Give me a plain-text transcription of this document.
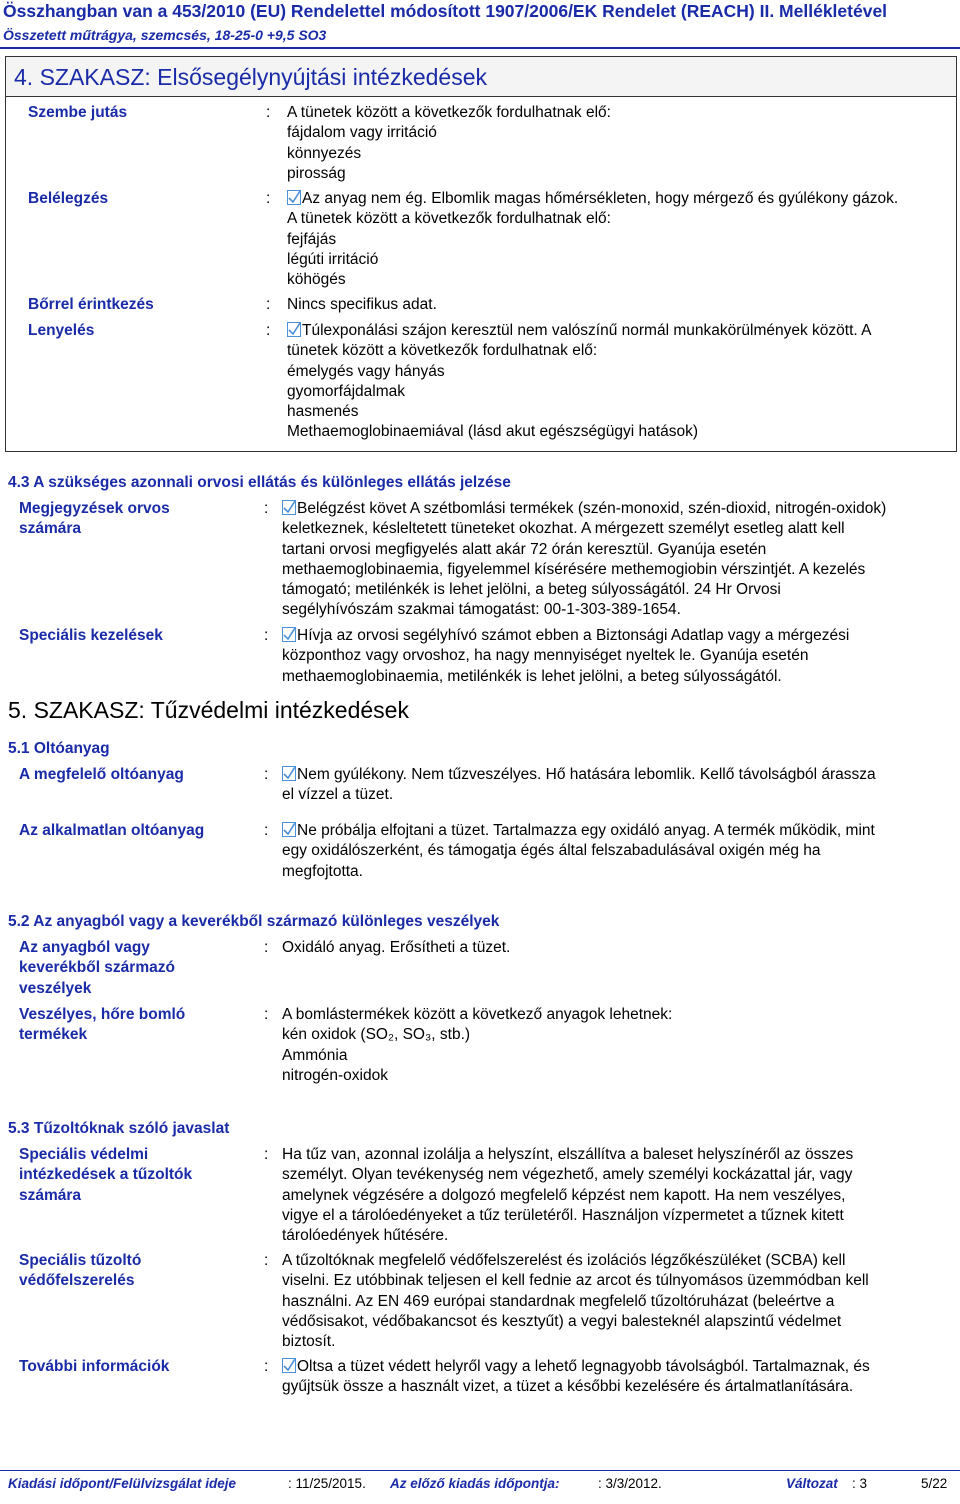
Összhangban van a 453/2010 (EU) Rendelettel módosított 1907/2006/EK Rendelet (REACH) II. Mellékletével
Összetett műtrágya, szemcsés, 18-25-0 +9,5 SO3
4. SZAKASZ: Elsősegélynyújtási intézkedések
Szembe jutás	: A tünetek között a következők fordulhatnak elő:
fájdalom vagy irritáció
könnyezés
pirosság
Belélegzés	:	Az anyag nem ég. Elbomlik magas hőmérsékleten, hogy mérgező és gyúlékony gázok.
A tünetek között a következők fordulhatnak elő:
fejfájás
légúti irritáció
köhögés
Bőrrel érintkezés	: Nincs specifikus adat.
Lenyelés	:	Túlexponálási szájon keresztül nem valószínű normál munkakörülmények között. A
tünetek között a következők fordulhatnak elő:
émelygés vagy hányás
gyomorfájdalmak
hasmenés
Methaemoglobinaemiával (lásd akut egészségügyi hatások)
4.3 A szükséges azonnali orvosi ellátás és különleges ellátás jelzése
Megjegyzések orvos
számára
:	Belégzést követ A szétbomlási termékek (szén-monoxid, szén-dioxid, nitrogén-oxidok)
keletkeznek, késleltetett tüneteket okozhat. A mérgezett személyt esetleg alatt kell
tartani orvosi megfigyelés alatt akár 72 órán keresztül. Gyanúja esetén
methaemoglobinaemia, figyelemmel kísérésére methemogiobin vérszintjét. A kezelés
támogató; metilénkék is lehet jelölni, a beteg súlyosságától. 24 Hr Orvosi
segélyhívószám szakmai támogatást: 00-1-303-389-1654.
Speciális kezelések	:	Hívja az orvosi segélyhívó számot ebben a Biztonsági Adatlap vagy a mérgezési
központhoz vagy orvoshoz, ha nagy mennyiséget nyeltek le. Gyanúja esetén
methaemoglobinaemia, metilénkék is lehet jelölni, a beteg súlyosságától.
5. SZAKASZ: Tűzvédelmi intézkedések
5.1 Oltóanyag
A megfelelő oltóanyag	:	Nem gyúlékony. Nem tűzveszélyes. Hő hatására lebomlik. Kellő távolságból árassza
el vízzel a tüzet.
Az alkalmatlan oltóanyag	:	Ne próbálja elfojtani a tüzet. Tartalmazza egy oxidáló anyag. A termék működik, mint
egy oxidálószerként, és támogatja égés által felszabadulásával oxigén még ha
megfojtotta.
5.2 Az anyagból vagy a keverékből származó különleges veszélyek
Az anyagból vagy
keverékből származó
veszélyek
: Oxidáló anyag. Erősítheti a tüzet.
Veszélyes, hőre bomló
termékek
: A bomlástermékek között a következő anyagok lehetnek:
kén oxidok (SO₂, SO₃, stb.)
Ammónia
nitrogén-oxidok
5.3 Tűzoltóknak szóló javaslat
Speciális védelmi
intézkedések a tűzoltók
számára
: Ha tűz van, azonnal izolálja a helyszínt, elszállítva a baleset helyszínéről az összes
személyt. Olyan tevékenység nem végezhető, amely személyi kockázattal jár, vagy
amelynek végzésére a dolgozó megfelelő képzést nem kapott. Ha nem veszélyes,
vigye el a tárolóedényeket a tűz területéről. Használjon vízpermetet a tűznek kitett
tárolóedények hűtésére.
Speciális tűzoltó
védőfelszerelés
: A tűzoltóknak megfelelő védőfelszerelést és izolációs légzőkészüléket (SCBA) kell
viselni. Ez utóbbinak teljesen el kell fednie az arcot és túlnyomásos üzemmódban kell
használni. Az EN 469 európai standardnak megfelelő tűzoltóruházat (beleértve a
védősisakot, védőbakancsot és kesztyűt) a vegyi balesteknél alapszintű védelmet
biztosít.
További információk	:	Oltsa a tüzet védett helyről vagy a lehető legnagyobb távolságból. Tartalmaznak, és
gyűjtsük össze a használt vizet, a tüzet a későbbi kezelésére és ártalmatlanítására.
Kiadási időpont/Felülvizsgálat ideje	: 11/25/2015. Az előző kiadás időpontja:	: 3/3/2012.	Változat : 3	5/22
